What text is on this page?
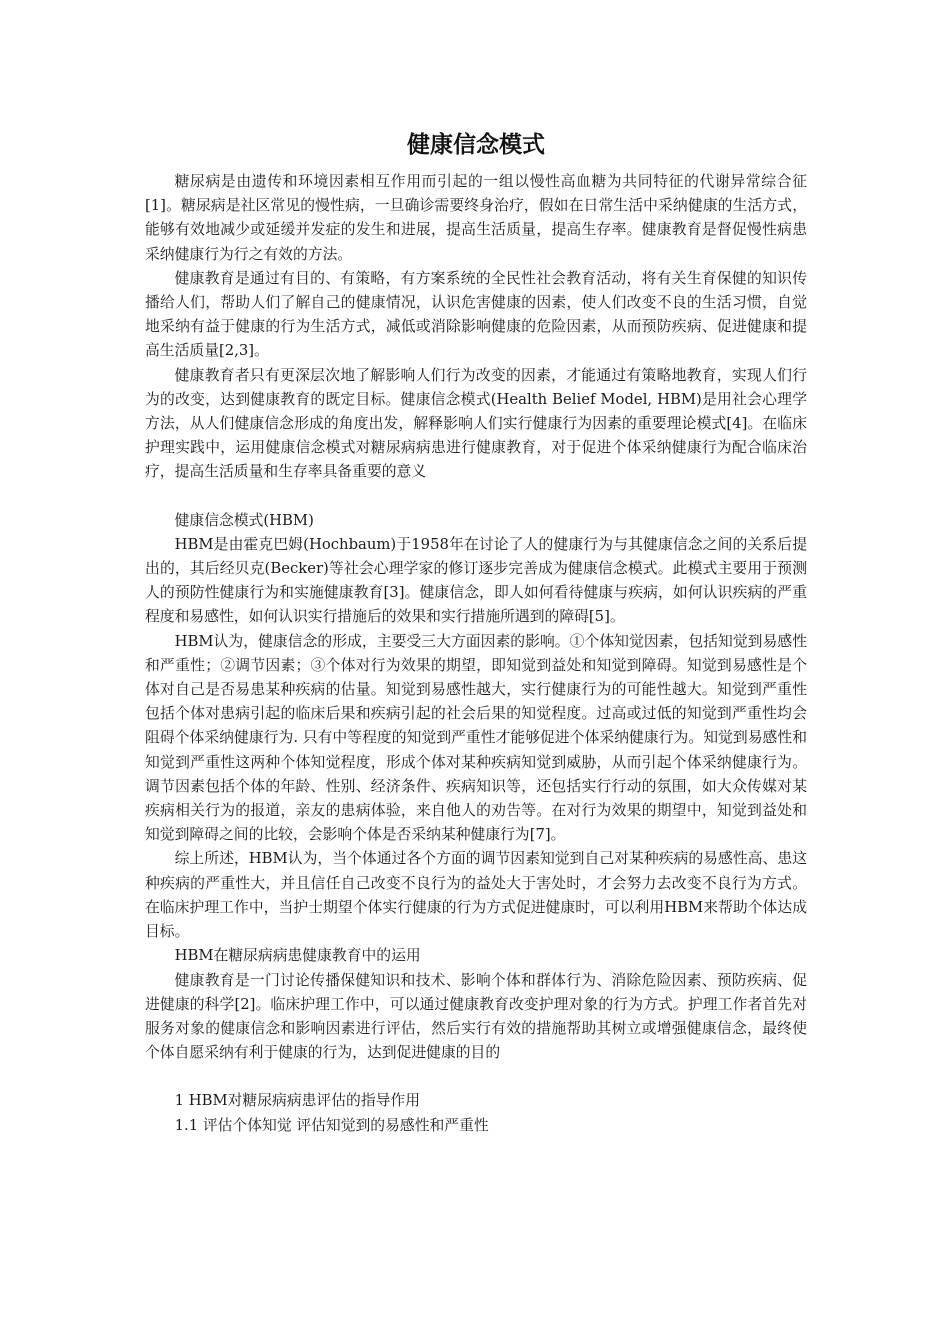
健康信念模式

糖尿病是由遗传和环境因素相互作用而引起的一组以慢性高血糖为共同特征的代谢异常综合征[1]。糖尿病是社区常见的慢性病，一旦确诊需要终身治疗，假如在日常生活中采纳健康的生活方式，能够有效地减少或延缓并发症的发生和进展，提高生活质量，提高生存率。健康教育是督促慢性病患采纳健康行为行之有效的方法。

健康教育是通过有目的、有策略，有方案系统的全民性社会教育活动，将有关生育保健的知识传播给人们，帮助人们了解自己的健康情况，认识危害健康的因素，使人们改变不良的生活习惯，自觉地采纳有益于健康的行为生活方式，减低或消除影响健康的危险因素，从而预防疾病、促进健康和提高生活质量[2,3]。

健康教育者只有更深层次地了解影响人们行为改变的因素，才能通过有策略地教育，实现人们行为的改变，达到健康教育的既定目标。健康信念模式(Health Belief Model, HBM)是用社会心理学方法，从人们健康信念形成的角度出发，解释影响人们实行健康行为因素的重要理论模式[4]。在临床护理实践中，运用健康信念模式对糖尿病病患进行健康教育，对于促进个体采纳健康行为配合临床治疗，提高生活质量和生存率具备重要的意义

健康信念模式(HBM)

HBM是由霍克巴姆(Hochbaum)于1958年在讨论了人的健康行为与其健康信念之间的关系后提出的，其后经贝克(Becker)等社会心理学家的修订逐步完善成为健康信念模式。此模式主要用于预测人的预防性健康行为和实施健康教育[3]。健康信念，即人如何看待健康与疾病，如何认识疾病的严重程度和易感性，如何认识实行措施后的效果和实行措施所遇到的障碍[5]。

HBM认为，健康信念的形成，主要受三大方面因素的影响。①个体知觉因素，包括知觉到易感性和严重性；②调节因素；③个体对行为效果的期望，即知觉到益处和知觉到障碍。知觉到易感性是个体对自己是否易患某种疾病的估量。知觉到易感性越大，实行健康行为的可能性越大。知觉到严重性包括个体对患病引起的临床后果和疾病引起的社会后果的知觉程度。过高或过低的知觉到严重性均会阻碍个体采纳健康行为. 只有中等程度的知觉到严重性才能够促进个体采纳健康行为。知觉到易感性和知觉到严重性这两种个体知觉程度，形成个体对某种疾病知觉到威胁，从而引起个体采纳健康行为。调节因素包括个体的年龄、性别、经济条件、疾病知识等，还包括实行行动的氛围，如大众传媒对某疾病相关行为的报道，亲友的患病体验，来自他人的劝告等。在对行为效果的期望中，知觉到益处和知觉到障碍之间的比较，会影响个体是否采纳某种健康行为[7]。

综上所述，HBM认为，当个体通过各个方面的调节因素知觉到自己对某种疾病的易感性高、患这种疾病的严重性大，并且信任自己改变不良行为的益处大于害处时，才会努力去改变不良行为方式。在临床护理工作中，当护士期望个体实行健康的行为方式促进健康时，可以利用HBM来帮助个体达成目标。

HBM在糖尿病病患健康教育中的运用

健康教育是一门讨论传播保健知识和技术、影响个体和群体行为、消除危险因素、预防疾病、促进健康的科学[2]。临床护理工作中，可以通过健康教育改变护理对象的行为方式。护理工作者首先对服务对象的健康信念和影响因素进行评估，然后实行有效的措施帮助其树立或增强健康信念，最终使个体自愿采纳有利于健康的行为，达到促进健康的目的

1 HBM对糖尿病病患评估的指导作用

1.1 评估个体知觉 评估知觉到的易感性和严重性
